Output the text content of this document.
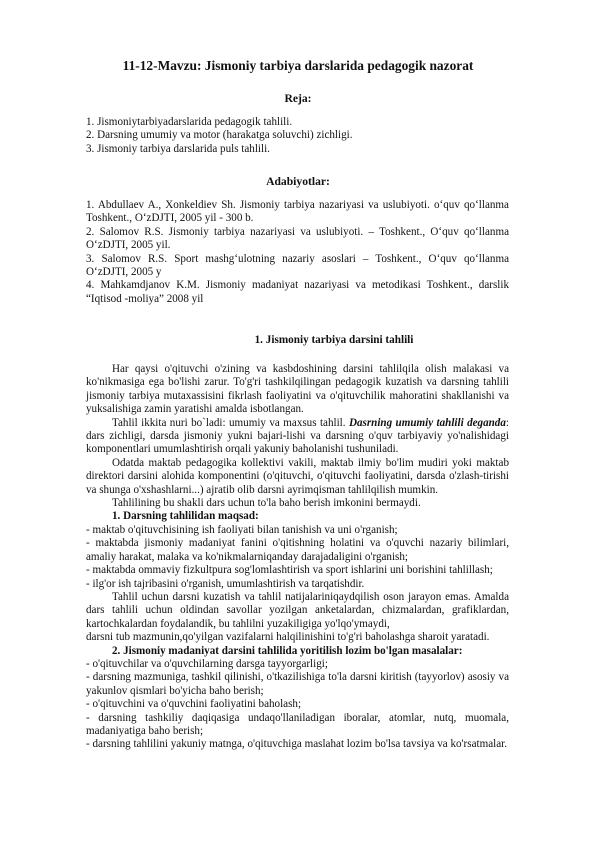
11-12-Mavzu: Jismoniy tarbiya darslarida pedagogik nazorat
Reja:

1. Jismoniytarbiyadarslarida pedagogik tahlili.

2. Darsning umumiy va motor (harakatga soluvchi) zichligi.

3. Jismoniy tarbiya darslarida puls tahlili.

Adabiyotlar:

1. Abdullaev A., Xonkeldiev Sh. Jismoniy tarbiya nazariyasi va uslubiyoti. o‘quv qo‘llanma Toshkent., O‘zDJTI, 2005 yil - 300 b.

2. Salomov R.S. Jismoniy tarbiya nazariyasi va uslubiyoti. – Toshkent., O‘quv qo‘llanma O‘zDJTI, 2005 yil.

3. Salomov R.S. Sport mashg‘ulotning nazariy asoslari – Toshkent., O‘quv qo‘llanma O‘zDJTI, 2005 y

4. Mahkamdjanov K.M. Jismoniy madaniyat nazariyasi va metodikasi Toshkent., darslik “Iqtisod -moliya” 2008 yil

1. Jismoniy tarbiya darsini tahlili

Har qaysi o'qituvchi o'zining va kasbdoshining darsini tahlilqila olish malakasi va ko'nikmasiga ega bo'lishi zarur. To'g'ri tashkilqilingan pedagogik kuzatish va darsning tahlili jismoniy tarbiya mutaxassisini fikrlash faoliyatini va o'qituvchilik mahoratini shakllanishi va yuksalishiga zamin yaratishi amalda isbotlangan.

Tahlil ikkita nuri bo`ladi: umumiy va maxsus tahlil. Dasrning umumiy tahlili deganda: dars zichligi, darsda jismoniy yukni bajari-lishi va darsning o'quv tarbiyaviy yo'nalishidagi komponentlari umumlashtirish orqali yakuniy baholanishi tushuniladi.

Odatda maktab pedagogika kollektivi vakili, maktab ilmiy bo'lim mudiri yoki maktab direktori darsini alohida komponentini (o'qituvchi, o'qituvchi faoliyatini, darsda o'zlash-tirishi va shunga o'xshashlarni...) ajratib olib darsni ayrimqisman tahlilqilish mumkin.

Tahlilining bu shakli dars uchun to'la baho berish imkonini bermaydi.

1. Darsning tahlilidan maqsad:

- maktab o'qituvchisining ish faoliyati bilan tanishish va uni o'rganish;

- maktabda jismoniy madaniyat fanini o'qitishning holatini va o'quvchi nazariy bilimlari, amaliy harakat, malaka va ko'nikmalarniqanday darajadaligini o'rganish;

- maktabda ommaviy fizkultpura sog'lomlashtirish va sport ishlarini uni borishini tahlillash;

- ilg'or ish tajribasini o'rganish, umumlashtirish va tarqatishdir.

Tahlil uchun darsni kuzatish va tahlil natijalariniqaydqilish oson jarayon emas. Amalda dars tahlili uchun oldindan savollar yozilgan anketalardan, chizmalardan, grafiklardan, kartochkalardan foydalandik, bu tahlilni yuzakiligiga yo'lqo'ymaydi,

darsni tub mazmunin,qo'yilgan vazifalarni halqilinishini to'g'ri baholashga sharoit yaratadi.

2. Jismoniy madaniyat darsini tahlilida yoritilish lozim bo'lgan masalalar:

- o'qituvchilar va o'quvchilarning darsga tayyorgarligi;

- darsning mazmuniga, tashkil qilinishi, o'tkazilishiga to'la darsni kiritish (tayyorlov) asosiy va yakunlov qismlari bo'yicha baho berish;

- o'qituvchini va o'quvchini faoliyatini baholash;

- darsning tashkiliy daqiqasiga undaqo'llaniladigan iboralar, atomlar, nutq, muomala, madaniyatiga baho berish;

- darsning tahlilini yakuniy matnga, o'qituvchiga maslahat lozim bo'lsa tavsiya va ko'rsatmalar.
